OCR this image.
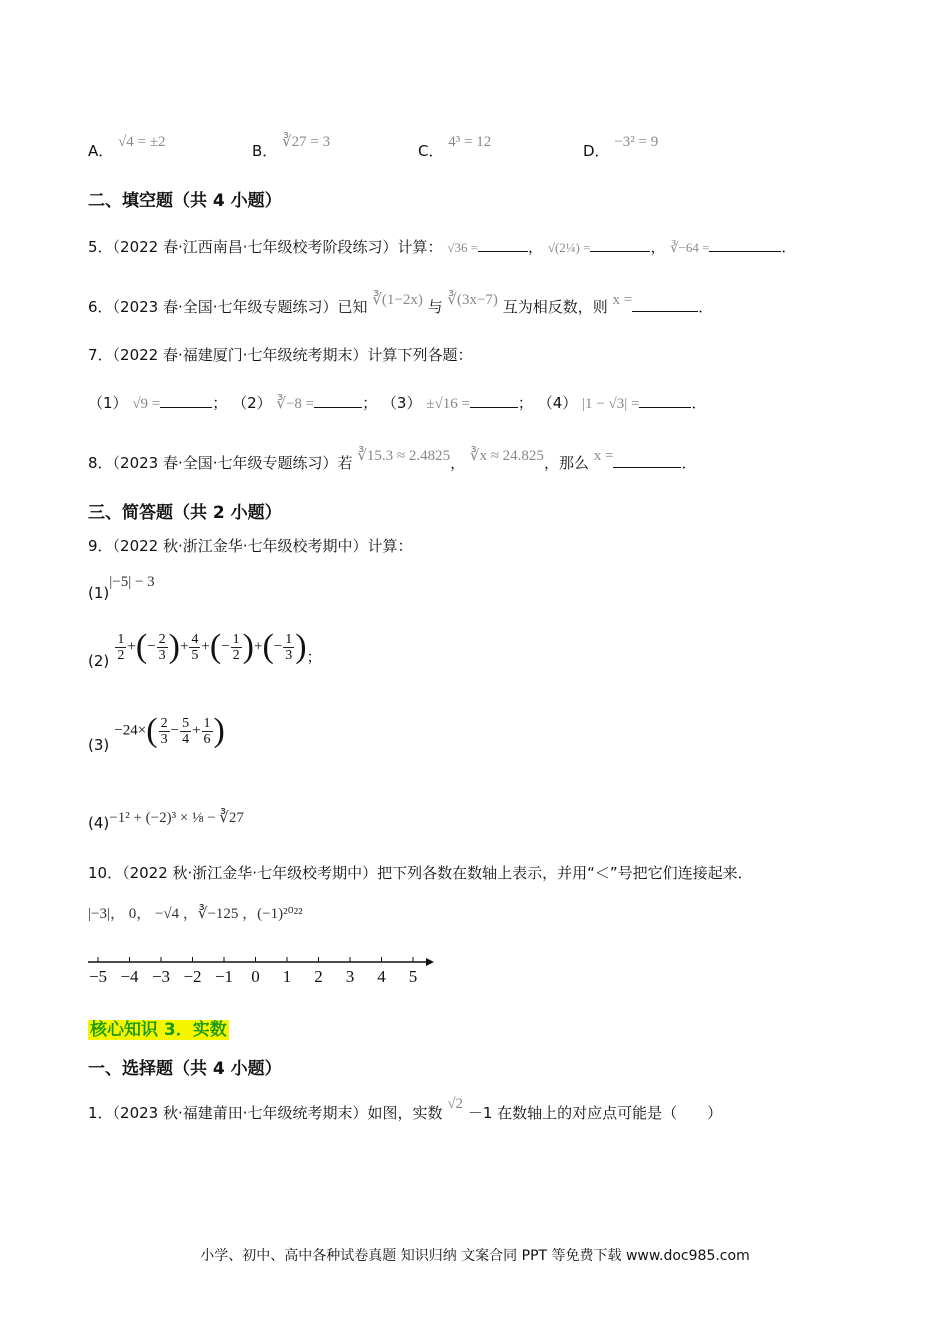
A． √4 = ±2	B． ∛27 = 3	C． 4³ = 12	D． −3² = 9
二、填空题（共 4 小题）
5．（2022 春·江西南昌·七年级校考阶段练习）计算： √36 =	， √(2¼) =	， ∛−64 =	．
6．（2023 春·全国·七年级专题练习）已知 ∛(1−2x) 与 ∛(3x−7) 互为相反数，则 x =	．
7．（2022 春·福建厦门·七年级统考期末）计算下列各题：
（1） √9 =	； （2） ∛−8 =	； （3） ±√16 =	； （4） |1 − √3| =	．
8．（2023 春·全国·七年级专题练习）若 ∛15.3 ≈ 2.4825， ∛x ≈ 24.825，那么 x =	．
三、简答题（共 2 小题）
9．（2022 秋·浙江金华·七年级校考期中）计算：
(1)|−5| − 3
$(2) \frac{1}{2}$ +(− $\frac{2}{3}$ )+ $\frac{4}{5}$ +(− $\frac{1}{2}$ )+(− $\frac{1}{3}$ )；
$(3) -24\times( \frac{2}{3} - \frac{5}{4} + \frac{1}{6}$ )
(4)−1² + (−2)³ × ⅛ − ∛27
10．（2022 秋·浙江金华·七年级校考期中）把下列各数在数轴上表示，并用“＜”号把它们连接起来．
|−3|， 0， −√4 ，∛−125 ，(−1)²⁰²²
−5 −4 −3 −2 −1 0 1 2 3 4 5
核心知识 3．实数
一、选择题（共 4 小题）
1．（2023 秋·福建莆田·七年级统考期末）如图，实数 √2 －1 在数轴上的对应点可能是（　　）
小学、初中、高中各种试卷真题 知识归纳 文案合同 PPT 等免费下载 www.doc985.com
